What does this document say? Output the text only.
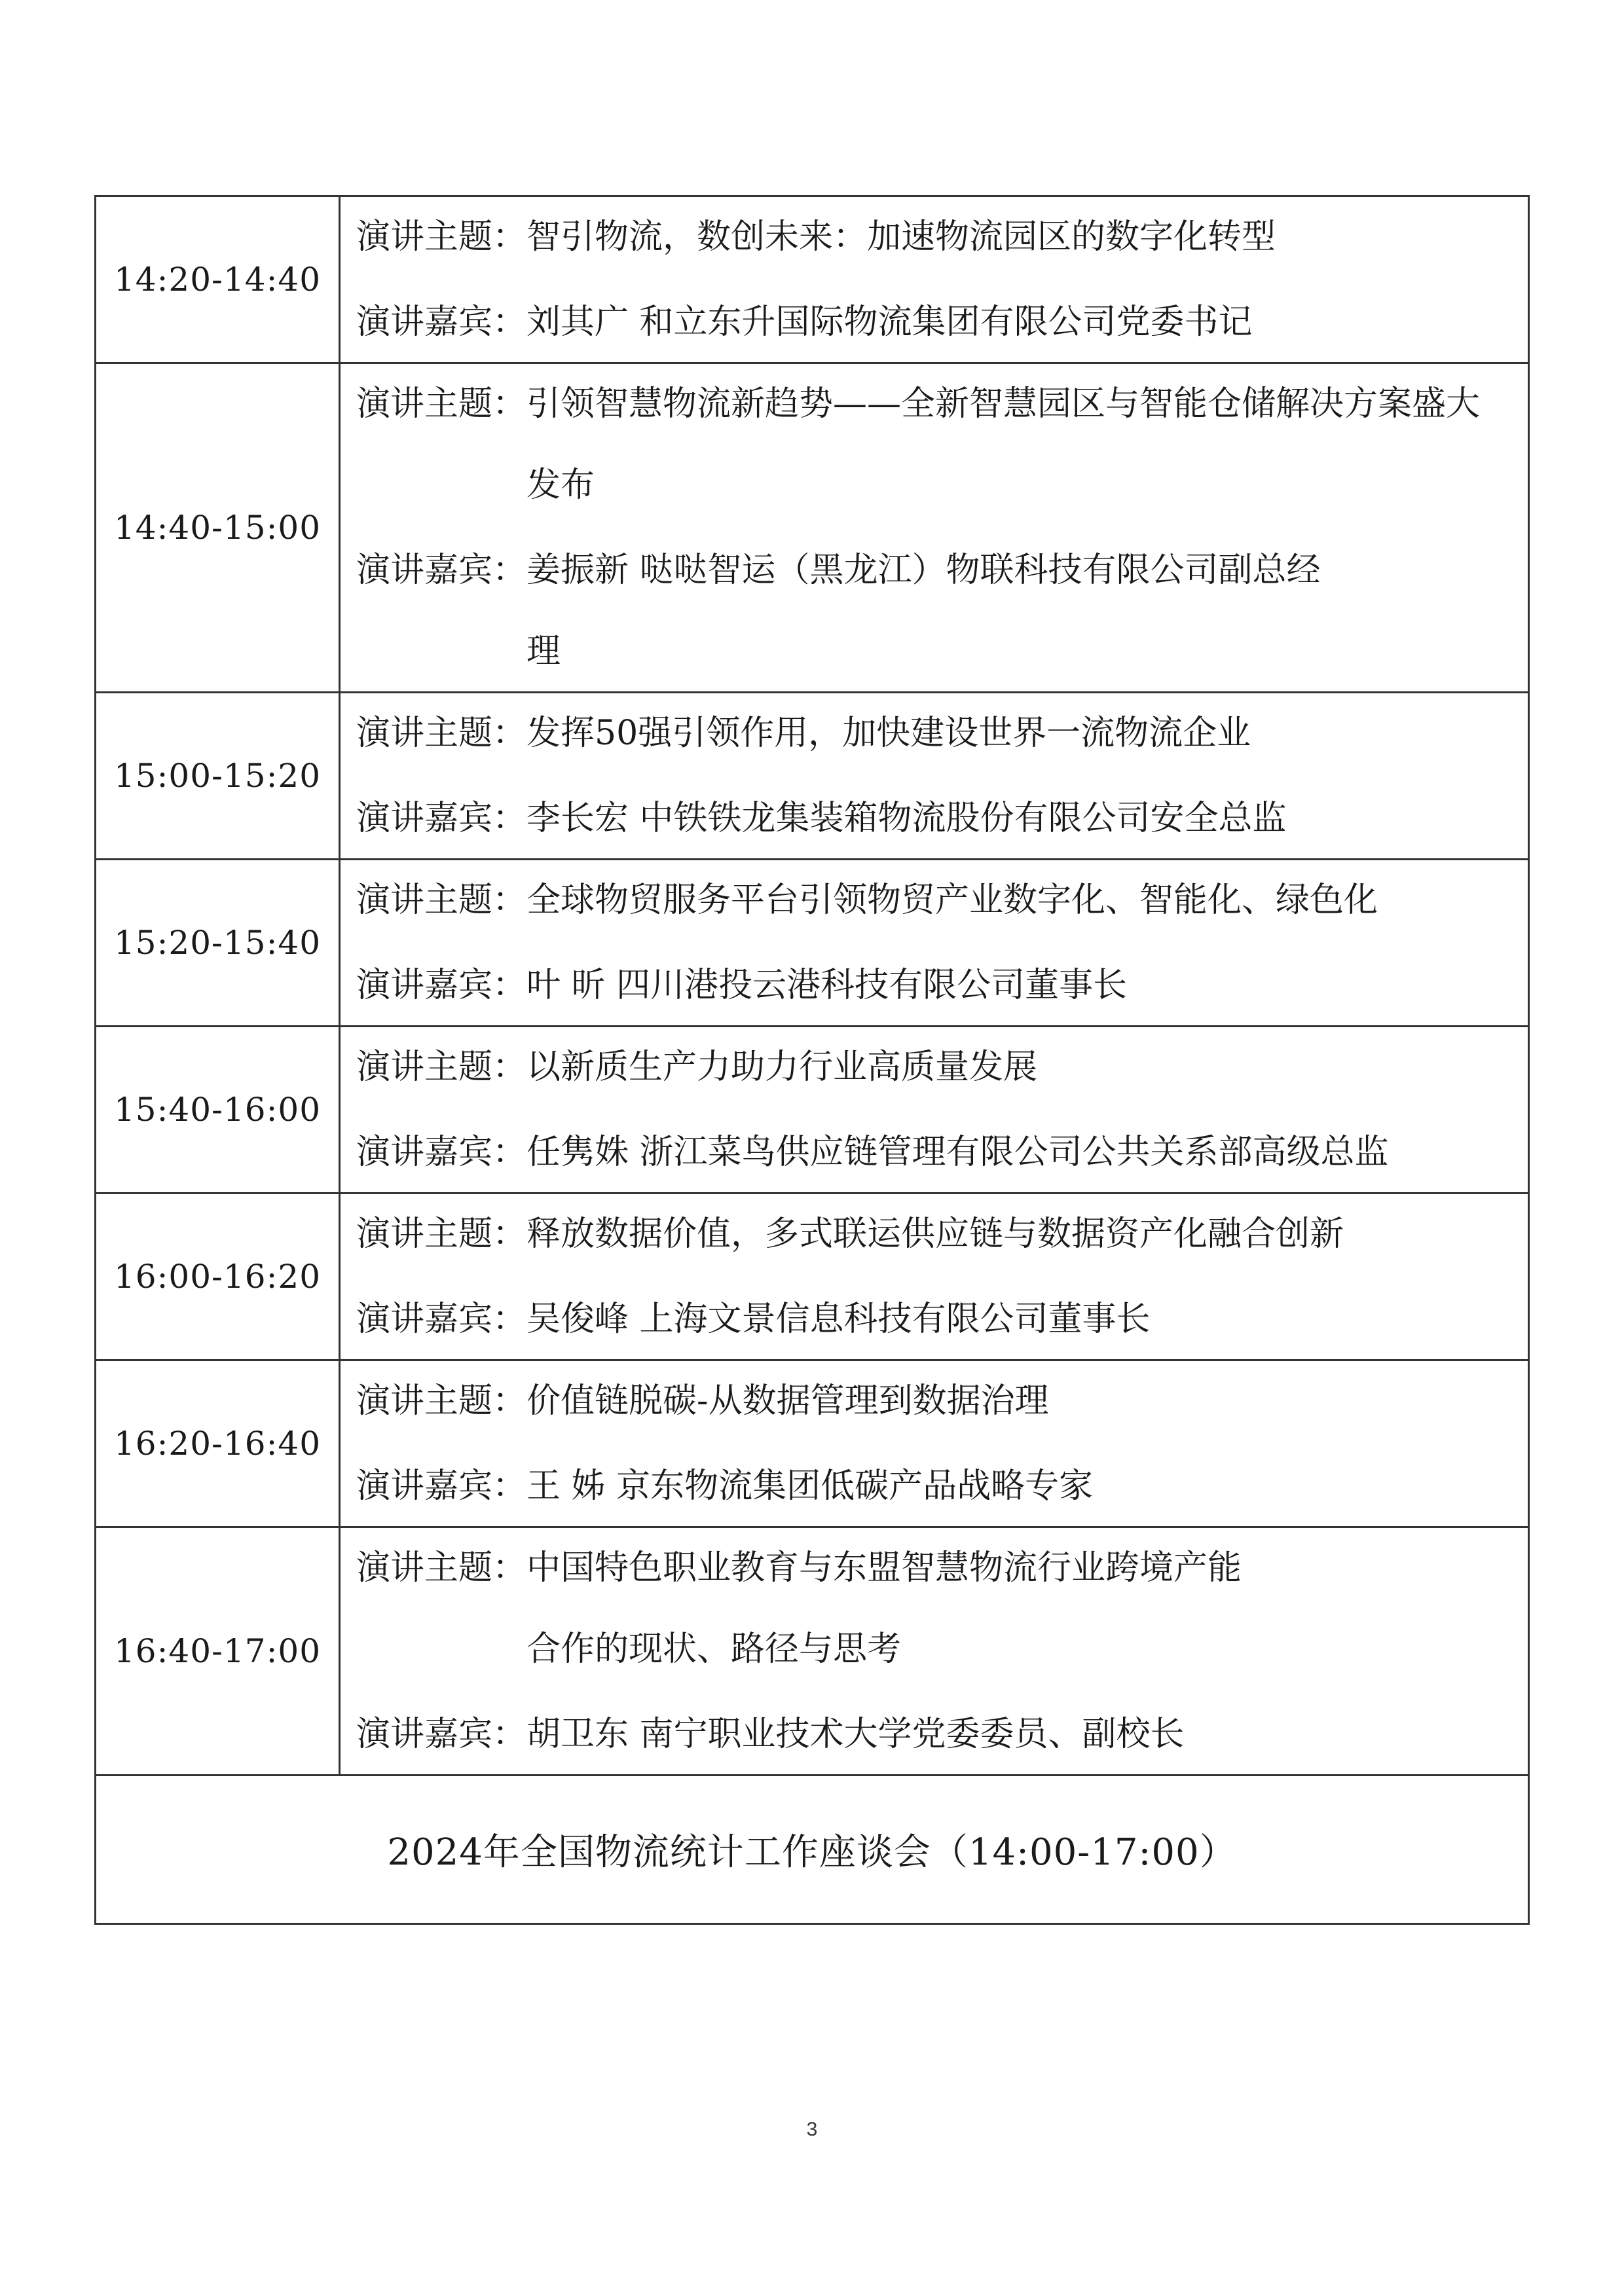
14:20-14:40	演讲主题： 智引物流，数创未来：加速物流园区的数字化转型
演讲嘉宾： 刘其广 和立东升国际物流集团有限公司党委书记

14:40-15:00	演讲主题： 引领智慧物流新趋势——全新智慧园区与智能仓储解决方案盛大发布
演讲嘉宾： 姜振新 哒哒智运（黑龙江）物联科技有限公司副总经理

15:00-15:20	演讲主题： 发挥50强引领作用，加快建设世界一流物流企业
演讲嘉宾： 李长宏 中铁铁龙集装箱物流股份有限公司安全总监

15:20-15:40	演讲主题： 全球物贸服务平台引领物贸产业数字化、智能化、绿色化
演讲嘉宾： 叶 昕 四川港投云港科技有限公司董事长

15:40-16:00	演讲主题： 以新质生产力助力行业高质量发展
演讲嘉宾： 任隽姝 浙江菜鸟供应链管理有限公司公共关系部高级总监

16:00-16:20	演讲主题： 释放数据价值，多式联运供应链与数据资产化融合创新
演讲嘉宾： 吴俊峰 上海文景信息科技有限公司董事长

16:20-16:40	演讲主题： 价值链脱碳-从数据管理到数据治理
演讲嘉宾： 王 姊 京东物流集团低碳产品战略专家

16:40-17:00	演讲主题： 中国特色职业教育与东盟智慧物流行业跨境产能合作的现状、路径与思考
演讲嘉宾： 胡卫东 南宁职业技术大学党委委员、副校长

2024年全国物流统计工作座谈会（14:00-17:00）	
3
